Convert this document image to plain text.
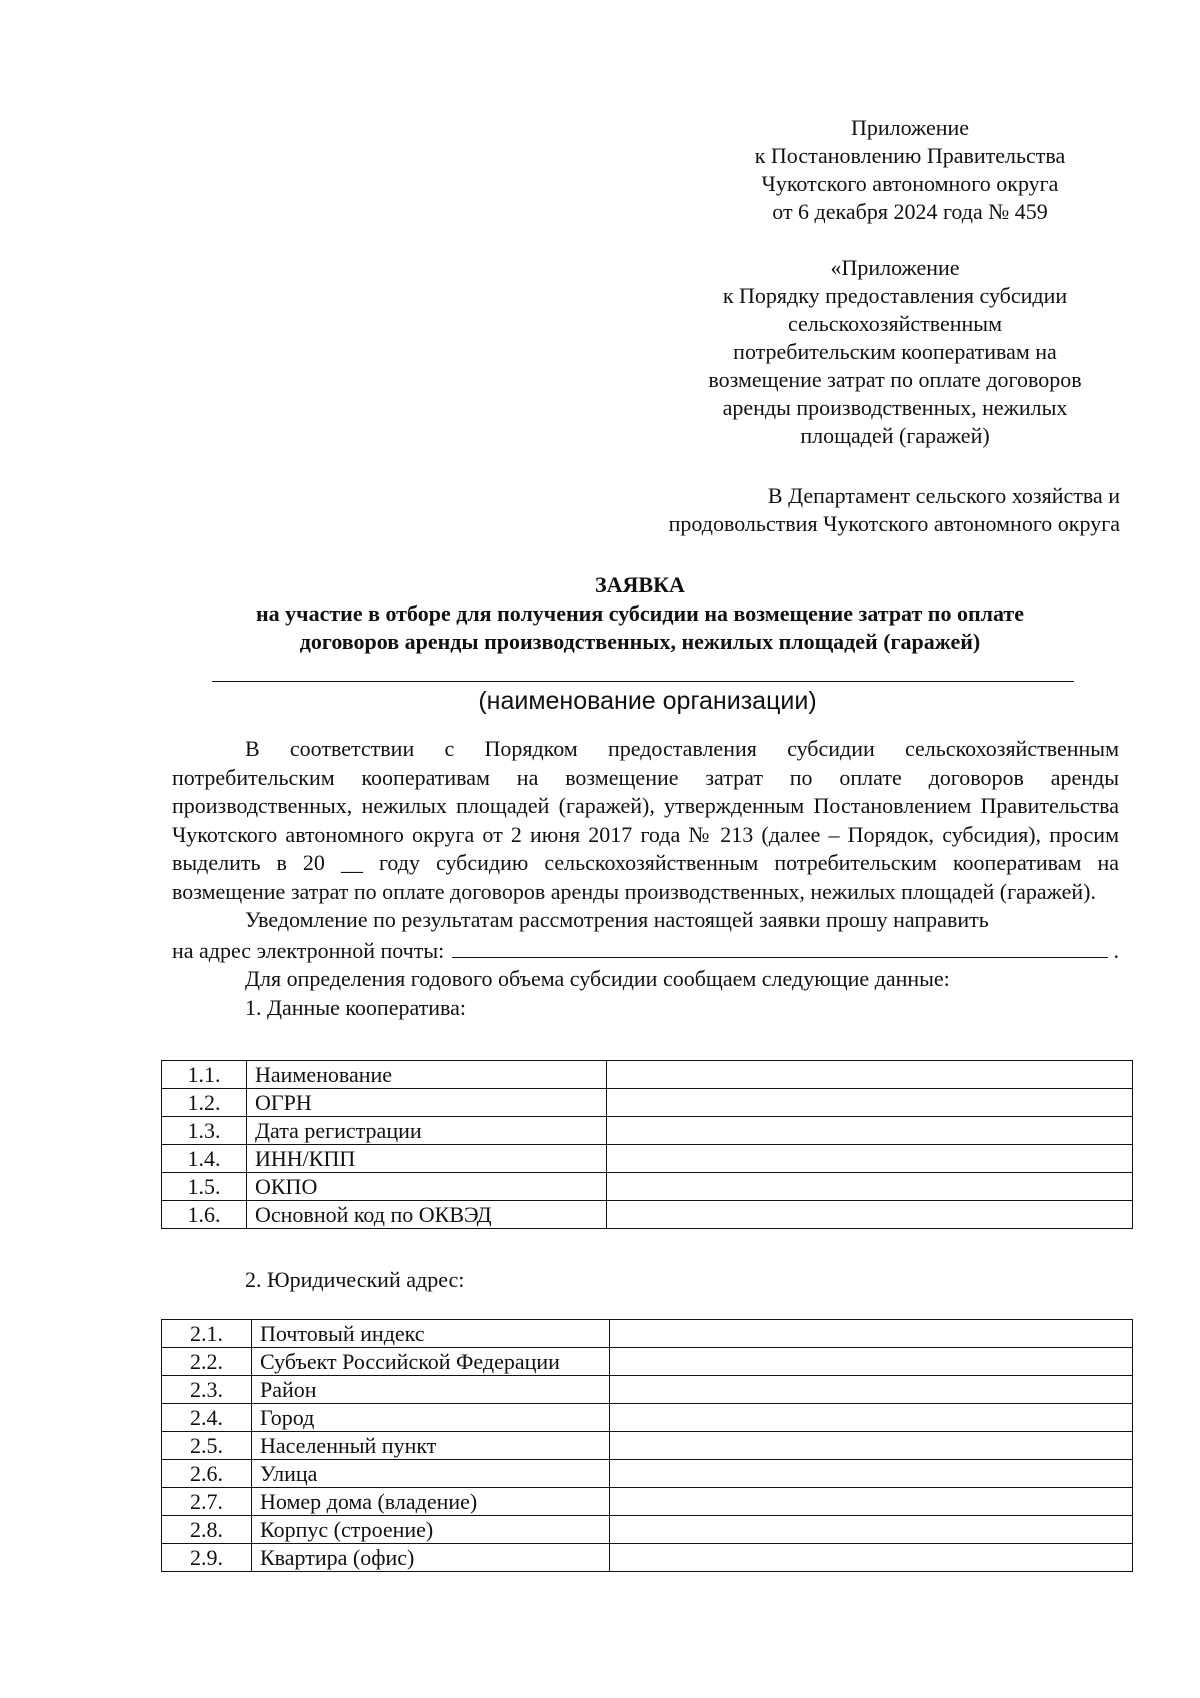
Приложение
к Постановлению Правительства
Чукотского автономного округа
от 6 декабря 2024 года № 459
«Приложение
к Порядку предоставления субсидии
сельскохозяйственным
потребительским кооперативам на
возмещение затрат по оплате договоров
аренды производственных, нежилых
площадей (гаражей)
В Департамент сельского хозяйства и
продовольствия Чукотского автономного округа
ЗАЯВКА
на участие в отборе для получения субсидии на возмещение затрат по оплате
договоров аренды производственных, нежилых площадей (гаражей)
(наименование организации)

В соответствии с Порядком предоставления субсидии сельскохозяйственным потребительским кооперативам на возмещение затрат по оплате договоров аренды производственных, нежилых площадей (гаражей), утвержденным Постановлением Правительства Чукотского автономного округа от 2 июня 2017 года № 213 (далее – Порядок, субсидия), просим выделить в 20 __ году субсидию сельскохозяйственным потребительским кооперативам на возмещение затрат по оплате договоров аренды производственных, нежилых площадей (гаражей).

Уведомление по результатам рассмотрения настоящей заявки прошу направить

на адрес электронной почты:	.
Для определения годового объема субсидии сообщаем следующие данные:
1. Данные кооператива:
1.1.	Наименование	
1.2.	ОГРН	
1.3.	Дата регистрации	
1.4.	ИНН/КПП	
1.5.	ОКПО	
1.6.	Основной код по ОКВЭД	
2. Юридический адрес:
2.1.	Почтовый индекс	
2.2.	Субъект Российской Федерации	
2.3.	Район	
2.4.	Город	
2.5.	Населенный пункт	
2.6.	Улица	
2.7.	Номер дома (владение)	
2.8.	Корпус (строение)	
2.9.	Квартира (офис)	
